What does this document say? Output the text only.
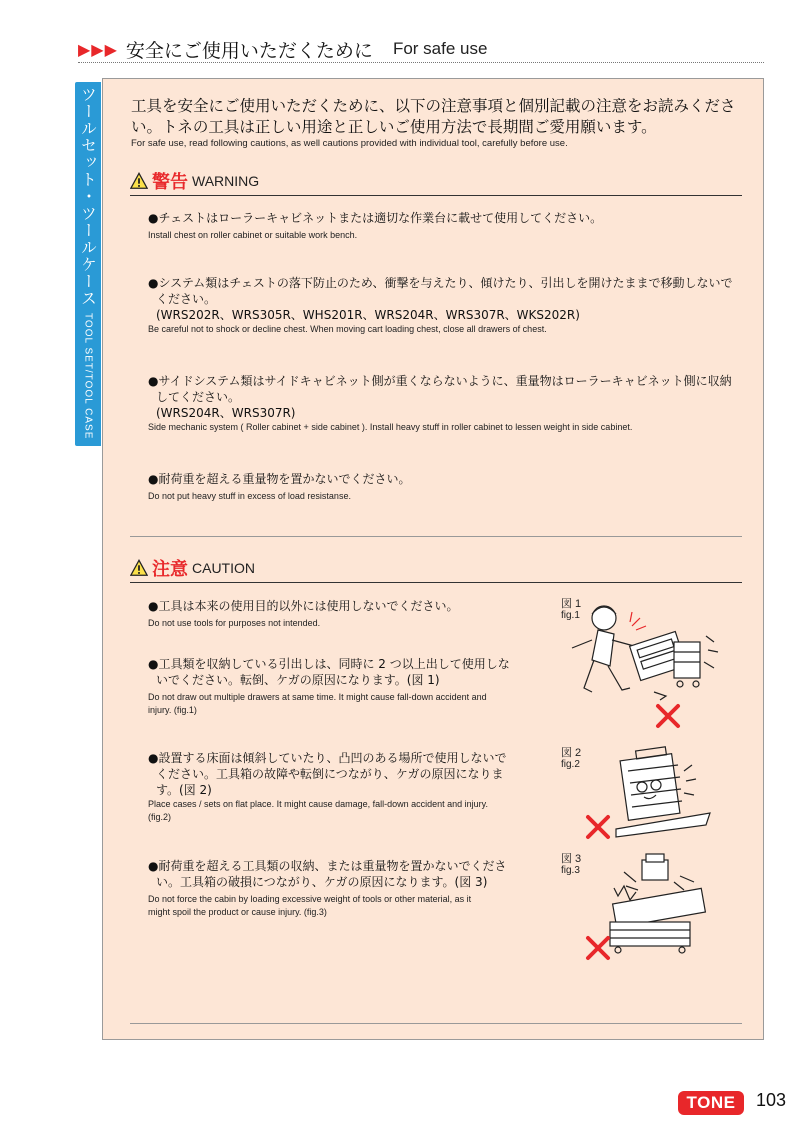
▶▶▶ 安全にご使用いただくために For safe use
ツールセット・ツールケースTOOL SET/TOOL CASE
工具を安全にご使用いただくために、以下の注意事項と個別記載の注意をお読みください。トネの工具は正しい用途と正しいご使用方法で長期間ご愛用願います。
For safe use, read following cautions, as well cautions provided with individual tool, carefully before use.
警告 WARNING
●チェストはローラーキャビネットまたは適切な作業台に載せて使用してください。
Install chest on roller cabinet or suitable work bench.
●システム類はチェストの落下防止のため、衝撃を与えたり、傾けたり、引出しを開けたままで移動しないで
ください。
(WRS202R、WRS305R、WHS201R、WRS204R、WRS307R、WKS202R)
Be careful not to shock or decline chest. When moving cart loading chest, close all drawers of chest.
●サイドシステム類はサイドキャビネット側が重くならないように、重量物はローラーキャビネット側に収納
してください。
(WRS204R、WRS307R)
Side mechanic system ( Roller cabinet + side cabinet ). Install heavy stuff in roller cabinet to lessen weight in side cabinet.
●耐荷重を超える重量物を置かないでください。
Do not put heavy stuff in excess of load resistanse.
注意 CAUTION
●工具は本来の使用目的以外には使用しないでください。
Do not use tools for purposes not intended.
●工具類を収納している引出しは、同時に 2 つ以上出して使用しな
いでください。転倒、ケガの原因になります。(図 1)
Do not draw out multiple drawers at same time. It might cause fall-down accident and
injury. (fig.1)
●設置する床面は傾斜していたり、凸凹のある場所で使用しないで
ください。工具箱の故障や転倒につながり、ケガの原因になりま
す。(図 2)
Place cases / sets on flat place. It might cause damage, fall-down accident and injury.
(fig.2)
●耐荷重を超える工具類の収納、または重量物を置かないでくださ
い。工具箱の破損につながり、ケガの原因になります。(図 3)
Do not force the cabin by loading excessive weight of tools or other material, as it
might spoil the product or cause injury. (fig.3)
図 1
fig.1
図 2
fig.2
図 3
fig.3
TONE 103
